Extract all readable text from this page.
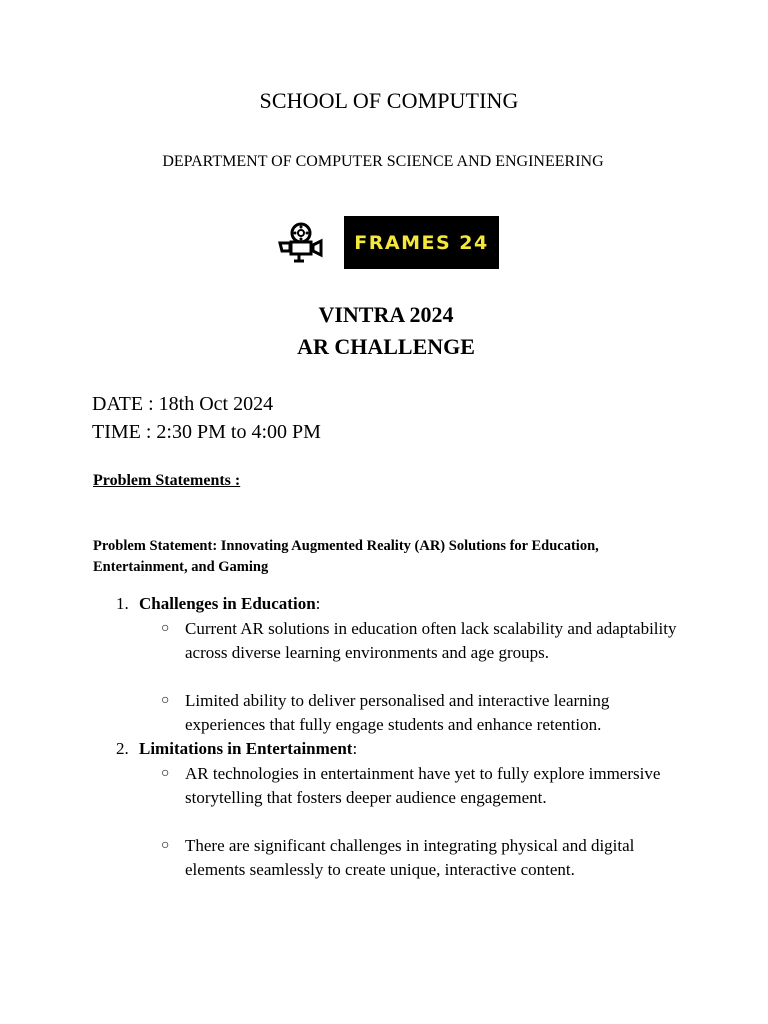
SCHOOL OF COMPUTING
DEPARTMENT OF COMPUTER SCIENCE AND ENGINEERING
FRAMES 24
VINTRA 2024
AR CHALLENGE
DATE : 18th Oct 2024
TIME : 2:30 PM to 4:00 PM
Problem Statements :
Problem Statement: Innovating Augmented Reality (AR) Solutions for Education, Entertainment, and Gaming
1. Challenges in Education:
○ Current AR solutions in education often lack scalability and adaptability across diverse learning environments and age groups.
○ Limited ability to deliver personalised and interactive learning experiences that fully engage students and enhance retention.
2. Limitations in Entertainment:
○ AR technologies in entertainment have yet to fully explore immersive storytelling that fosters deeper audience engagement.
○ There are significant challenges in integrating physical and digital elements seamlessly to create unique, interactive content.
